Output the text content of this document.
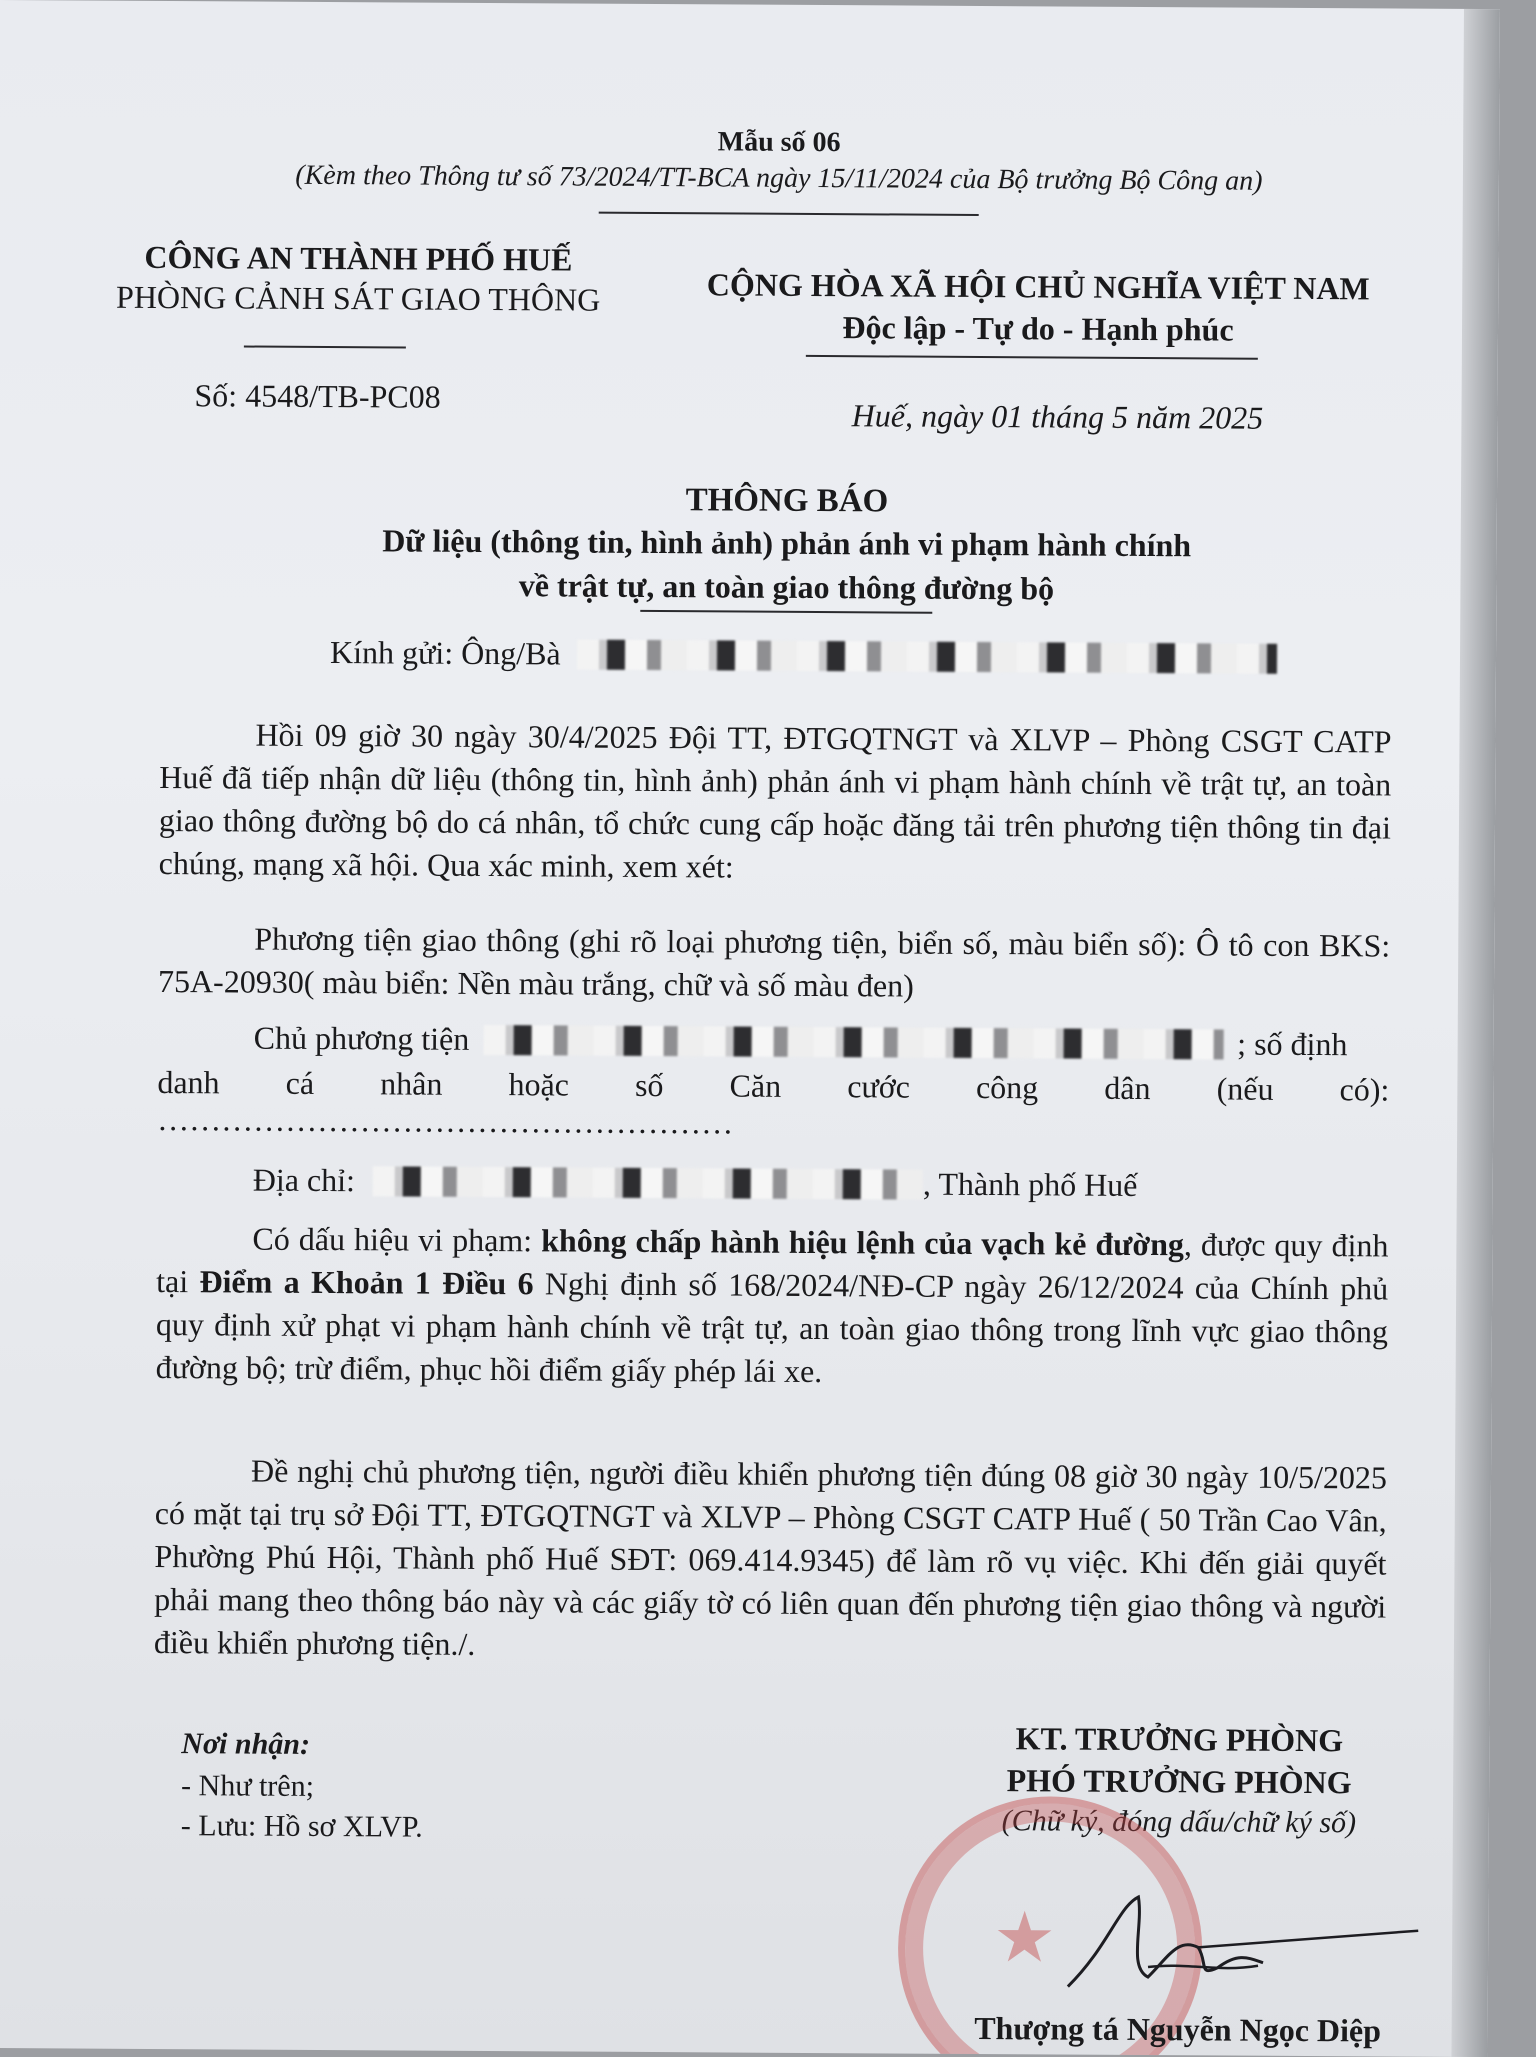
Mẫu số 06
(Kèm theo Thông tư số 73/2024/TT-BCA ngày 15/11/2024 của Bộ trưởng Bộ Công an)
CÔNG AN THÀNH PHỐ HUẾ
PHÒNG CẢNH SÁT GIAO THÔNG
Số: 4548/TB-PC08
CỘNG HÒA XÃ HỘI CHỦ NGHĨA VIỆT NAM
Độc lập - Tự do - Hạnh phúc
Huế, ngày 01 tháng 5 năm 2025
THÔNG BÁO
Dữ liệu (thông tin, hình ảnh) phản ánh vi phạm hành chính
về trật tự, an toàn giao thông đường bộ
Kính gửi: Ông/Bà
Hồi 09 giờ 30 ngày 30/4/2025 Đội TT, ĐTGQTNGT và XLVP – Phòng CSGT CATP Huế đã tiếp nhận dữ liệu (thông tin, hình ảnh) phản ánh vi phạm hành chính về trật tự, an toàn giao thông đường bộ do cá nhân, tổ chức cung cấp hoặc đăng tải trên phương tiện thông tin đại chúng, mạng xã hội. Qua xác minh, xem xét:
Phương tiện giao thông (ghi rõ loại phương tiện, biển số, màu biển số): Ô tô con BKS: 75A-20930( màu biển: Nền màu trắng, chữ và số màu đen)
Chủ phương tiện	; số định
danh cá nhân hoặc số Căn cước công dân (nếu có):
………………………………………………
Địa chỉ:	, Thành phố Huế
Có dấu hiệu vi phạm: không chấp hành hiệu lệnh của vạch kẻ đường, được quy định tại Điểm a Khoản 1 Điều 6 Nghị định số 168/2024/NĐ-CP ngày 26/12/2024 của Chính phủ quy định xử phạt vi phạm hành chính về trật tự, an toàn giao thông trong lĩnh vực giao thông đường bộ; trừ điểm, phục hồi điểm giấy phép lái xe.
Đề nghị chủ phương tiện, người điều khiển phương tiện đúng 08 giờ 30 ngày 10/5/2025 có mặt tại trụ sở Đội TT, ĐTGQTNGT và XLVP – Phòng CSGT CATP Huế ( 50 Trần Cao Vân, Phường Phú Hội, Thành phố Huế SĐT: 069.414.9345) để làm rõ vụ việc. Khi đến giải quyết phải mang theo thông báo này và các giấy tờ có liên quan đến phương tiện giao thông và người điều khiển phương tiện./.
Nơi nhận:
- Như trên;
- Lưu: Hồ sơ XLVP.
KT. TRƯỞNG PHÒNG
PHÓ TRƯỞNG PHÒNG
(Chữ ký, đóng dấu/chữ ký số)
★
Thượng tá Nguyễn Ngọc Diệp
